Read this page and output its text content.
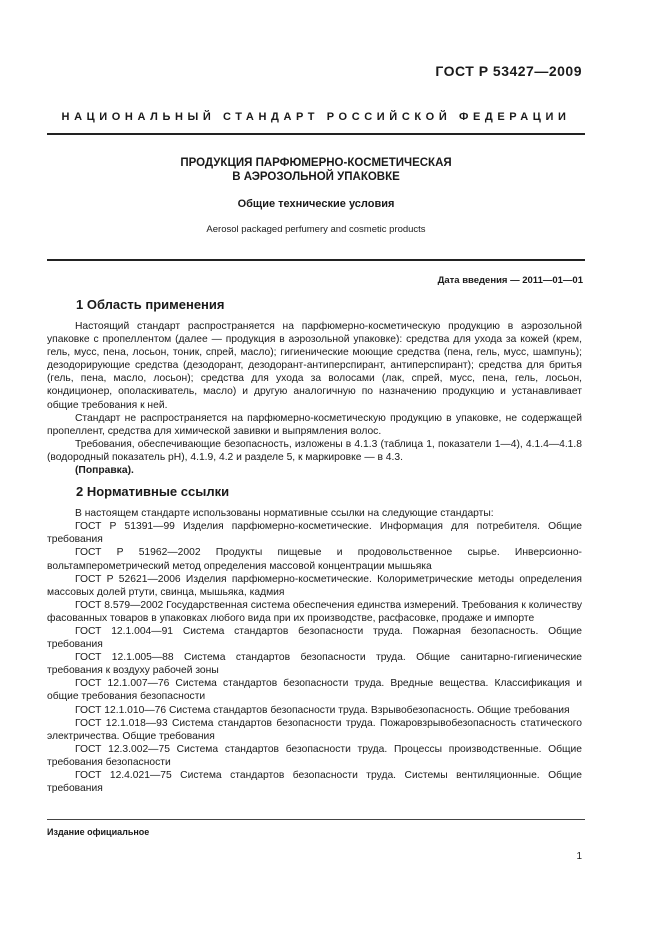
ГОСТ Р 53427—2009
НАЦИОНАЛЬНЫЙ СТАНДАРТ РОССИЙСКОЙ ФЕДЕРАЦИИ
ПРОДУКЦИЯ ПАРФЮМЕРНО-КОСМЕТИЧЕСКАЯ
В АЭРОЗОЛЬНОЙ УПАКОВКЕ
Общие технические условия
Aerosol packaged perfumery and cosmetic products
Дата введения — 2011—01—01
1 Область применения

Настоящий стандарт распространяется на парфюмерно-косметическую продукцию в аэрозольной упаковке с пропеллентом (далее — продукция в аэрозольной упаковке): средства для ухода за кожей (крем, гель, мусс, пена, лосьон, тоник, спрей, масло); гигиенические моющие средства (пена, гель, мусс, шампунь); дезодорирующие средства (дезодорант, дезодорант-антиперспирант, антиперспирант); средства для бритья (гель, пена, масло, лосьон); средства для ухода за волосами (лак, спрей, мусс, пена, гель, лосьон, кондиционер, ополаскиватель, масло) и другую аналогичную по назначению продукцию и устанавливает общие требования к ней.

Стандарт не распространяется на парфюмерно-косметическую продукцию в упаковке, не содержащей пропеллент, средства для химической завивки и выпрямления волос.

Требования, обеспечивающие безопасность, изложены в 4.1.3 (таблица 1, показатели 1—4), 4.1.4—4.1.8 (водородный показатель pH), 4.1.9, 4.2 и разделе 5, к маркировке — в 4.3.

(Поправка).

2 Нормативные ссылки

В настоящем стандарте использованы нормативные ссылки на следующие стандарты:

ГОСТ Р 51391—99 Изделия парфюмерно-косметические. Информация для потребителя. Общие требования

ГОСТ Р 51962—2002 Продукты пищевые и продовольственное сырье. Инверсионно-вольтамперометрический метод определения массовой концентрации мышьяка

ГОСТ Р 52621—2006 Изделия парфюмерно-косметические. Колориметрические методы определения массовых долей ртути, свинца, мышьяка, кадмия

ГОСТ 8.579—2002 Государственная система обеспечения единства измерений. Требования к количеству фасованных товаров в упаковках любого вида при их производстве, расфасовке, продаже и импорте

ГОСТ 12.1.004—91 Система стандартов безопасности труда. Пожарная безопасность. Общие требования

ГОСТ 12.1.005—88 Система стандартов безопасности труда. Общие санитарно-гигиенические требования к воздуху рабочей зоны

ГОСТ 12.1.007—76 Система стандартов безопасности труда. Вредные вещества. Классификация и общие требования безопасности

ГОСТ 12.1.010—76 Система стандартов безопасности труда. Взрывобезопасность. Общие требования

ГОСТ 12.1.018—93 Система стандартов безопасности труда. Пожаровзрывобезопасность статического электричества. Общие требования

ГОСТ 12.3.002—75 Система стандартов безопасности труда. Процессы производственные. Общие требования безопасности

ГОСТ 12.4.021—75 Система стандартов безопасности труда. Системы вентиляционные. Общие требования

Издание официальное
1
